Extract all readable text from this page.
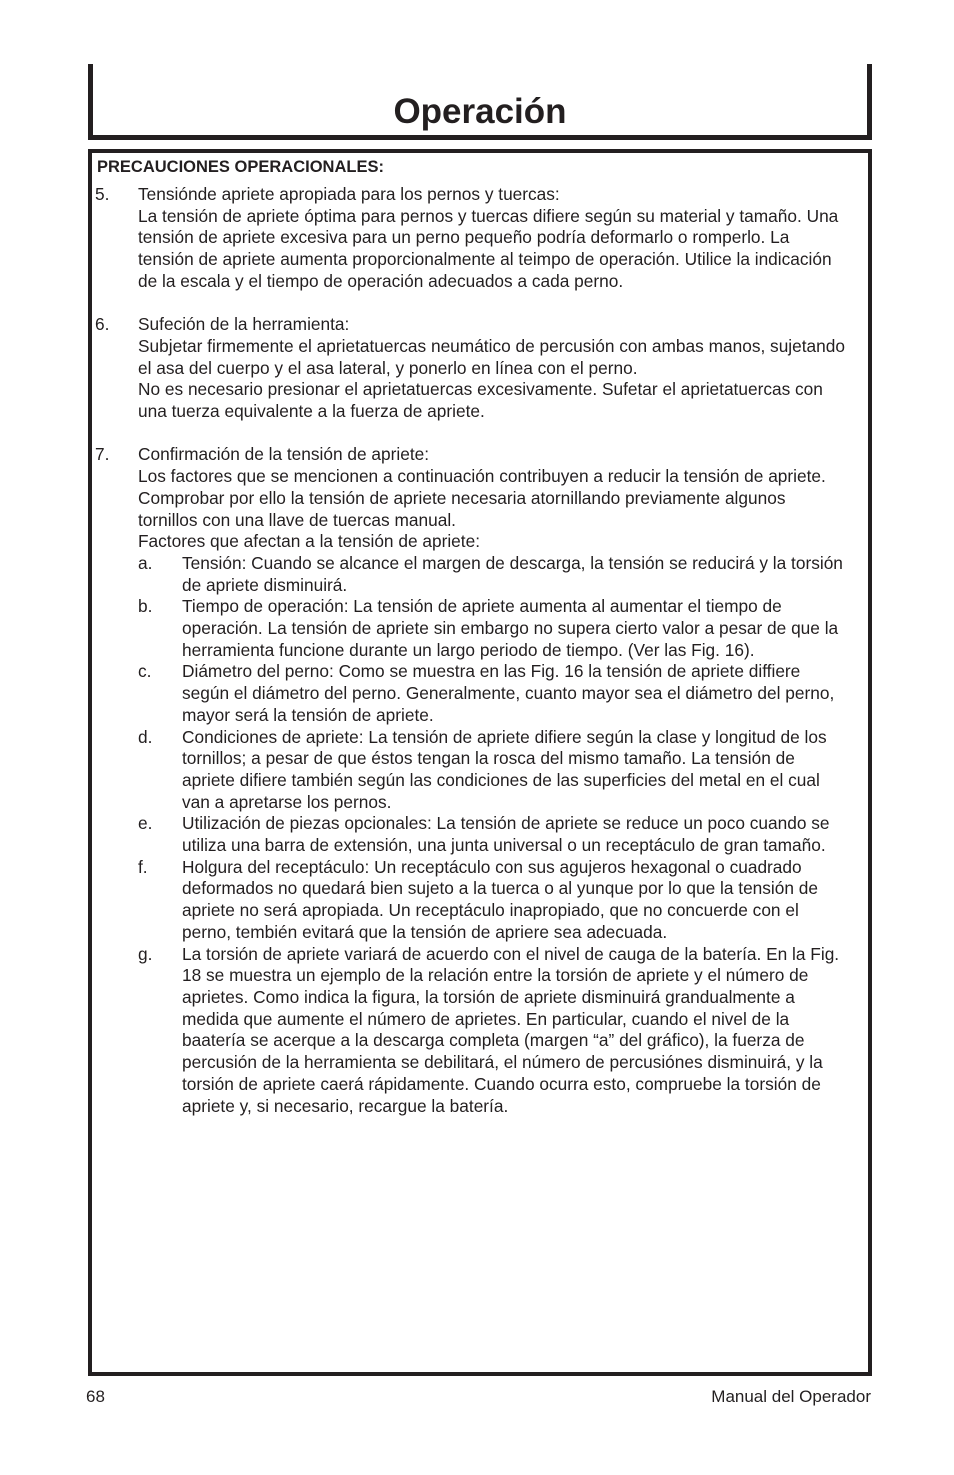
Operación
PRECAUCIONES OPERACIONALES:
5. Tensiónde apriete apropiada para los pernos y tuercas:
La tensión de apriete óptima para pernos y tuercas difiere según su material y tamaño. Una tensión de apriete excesiva para un perno pequeño podría deformarlo o romperlo. La tensión de apriete aumenta proporcionalmente al teimpo de operación. Utilice la indicación de la escala y el tiempo de operación adecuados a cada perno.
6. Sufeción de la herramienta:
Subjetar firmemente el aprietatuercas neumático de percusión con ambas manos, sujetando el asa del cuerpo y el asa lateral, y ponerlo en línea con el perno.
No es necesario presionar el aprietatuercas excesivamente. Sufetar el aprietatuercas con una tuerza equivalente a la fuerza de apriete.
7. Confirmación de la tensión de apriete:
Los factores que se mencionen a continuación contribuyen a reducir la tensión de apriete. Comprobar por ello la tensión de apriete necesaria atornillando previamente algunos tornillos con una llave de tuercas manual.
Factores que afectan a la tensión de apriete:
a. Tensión: Cuando se alcance el margen de descarga, la tensión se reducirá y la torsión de apriete disminuirá.
b. Tiempo de operación: La tensión de apriete aumenta al aumentar el tiempo de operación. La tensión de apriete sin embargo no supera cierto valor a pesar de que la herramienta funcione durante un largo periodo de tiempo. (Ver las Fig. 16).
c. Diámetro del perno: Como se muestra en las Fig. 16 la tensión de apriete diffiere según el diámetro del perno. Generalmente, cuanto mayor sea el diámetro del perno, mayor será la tensión de apriete.
d. Condiciones de apriete: La tensión de apriete difiere según la clase y longitud de los tornillos; a pesar de que éstos tengan la rosca del mismo tamaño. La tensión de apriete difiere también según las condiciones de las superficies del metal en el cual van a apretarse los pernos.
e. Utilización de piezas opcionales: La tensión de apriete se reduce un poco cuando se utiliza una barra de extensión, una junta universal o un receptáculo de gran tamaño.
f. Holgura del receptáculo: Un receptáculo con sus agujeros hexagonal o cuadrado deformados no quedará bien sujeto a la tuerca o al yunque por lo que la tensión de apriete no será apropiada. Un receptáculo inapropiado, que no concuerde con el perno, tembién evitará que la tensión de apriere sea adecuada.
g. La torsión de apriete variará de acuerdo con el nivel de cauga de la batería. En la Fig. 18 se muestra un ejemplo de la relación entre la torsión de apriete y el número de aprietes. Como indica la figura, la torsión de apriete disminuirá grandualmente a medida que aumente el número de aprietes. En particular, cuando el nivel de la baatería se acerque a la descarga completa (margen “a” del gráfico), la fuerza de percusión de la herramienta se debilitará, el número de percusiónes disminuirá, y la torsión de apriete caerá rápidamente. Cuando ocurra esto, compruebe la torsión de apriete y, si necesario, recargue la batería.
68	Manual del Operador
